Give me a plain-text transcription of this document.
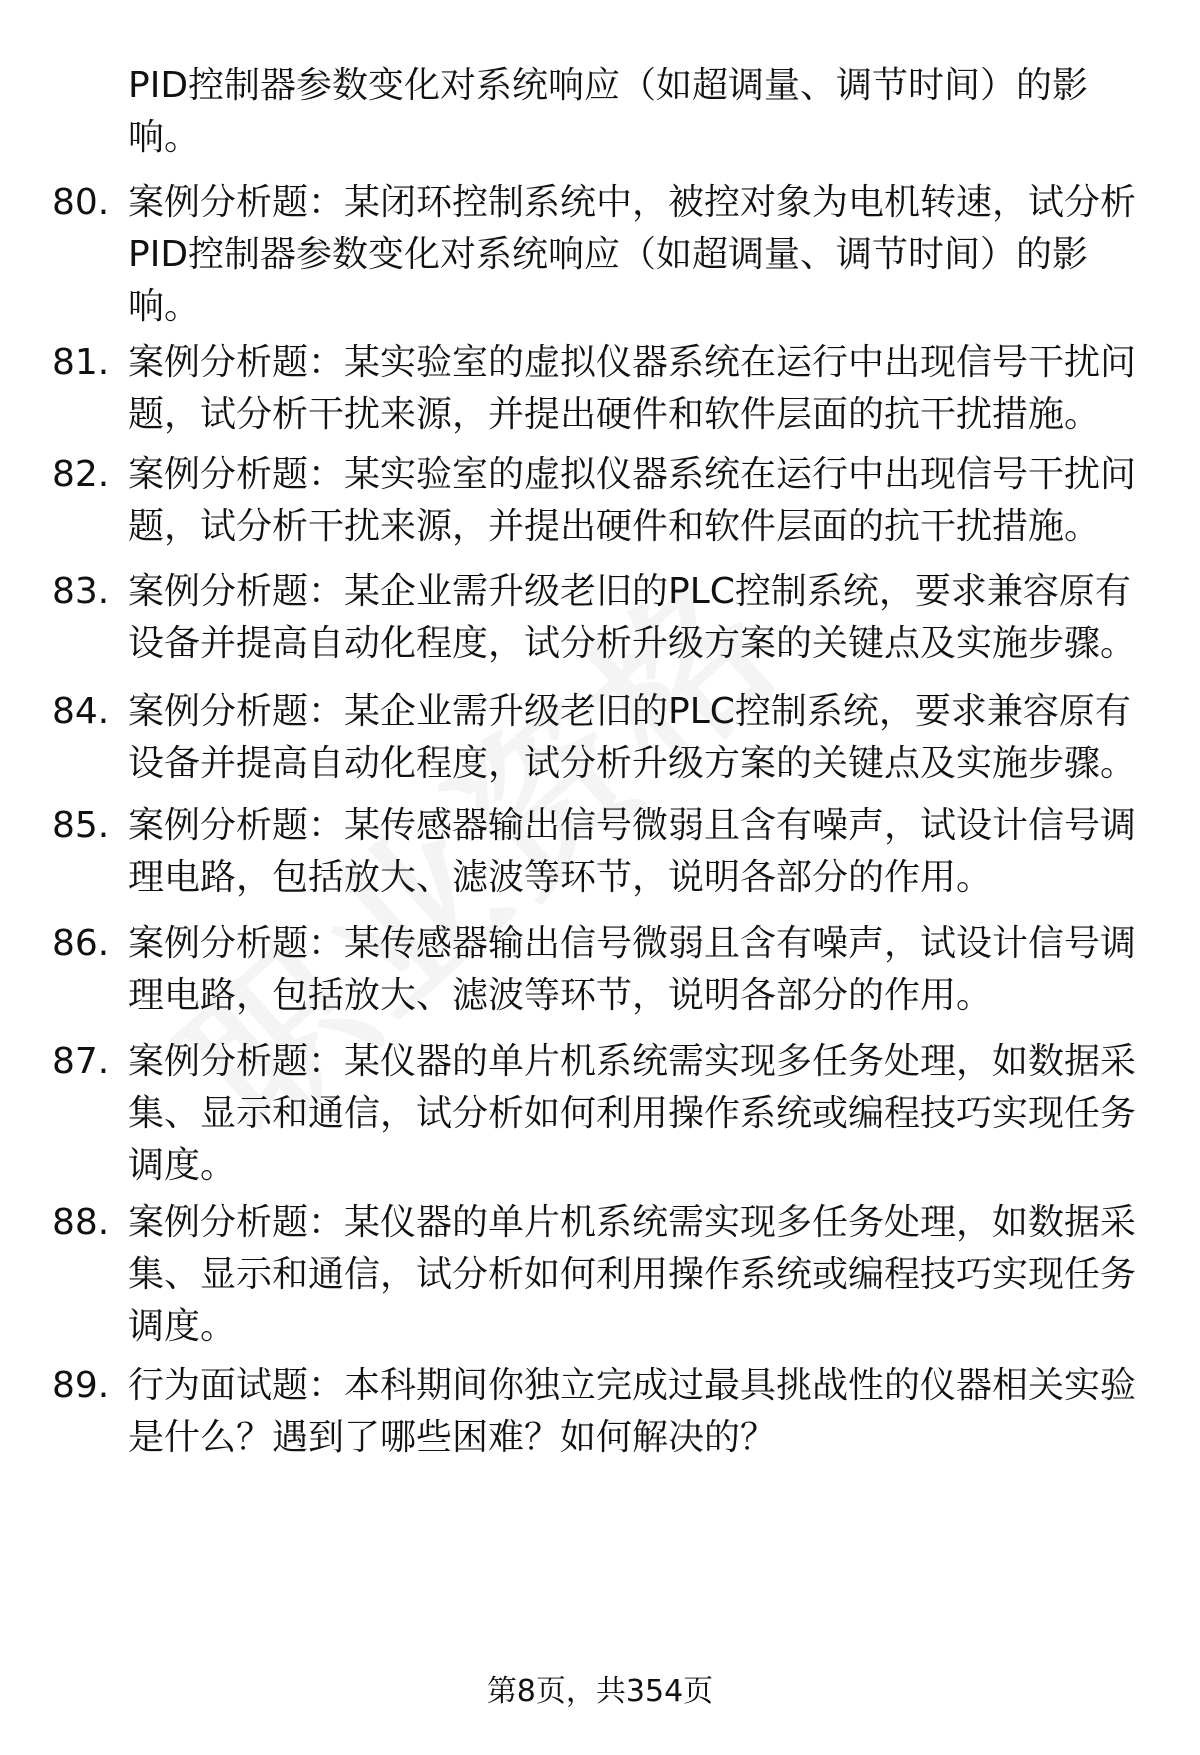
PID控制器参数变化对系统响应（如超调量、调节时间）的影响。

80. 案例分析题：某闭环控制系统中，被控对象为电机转速，试分析PID控制器参数变化对系统响应（如超调量、调节时间）的影响。
81. 案例分析题：某实验室的虚拟仪器系统在运行中出现信号干扰问题，试分析干扰来源，并提出硬件和软件层面的抗干扰措施。
82. 案例分析题：某实验室的虚拟仪器系统在运行中出现信号干扰问题，试分析干扰来源，并提出硬件和软件层面的抗干扰措施。
83. 案例分析题：某企业需升级老旧的PLC控制系统，要求兼容原有设备并提高自动化程度，试分析升级方案的关键点及实施步骤。
84. 案例分析题：某企业需升级老旧的PLC控制系统，要求兼容原有设备并提高自动化程度，试分析升级方案的关键点及实施步骤。
85. 案例分析题：某传感器输出信号微弱且含有噪声，试设计信号调理电路，包括放大、滤波等环节，说明各部分的作用。
86. 案例分析题：某传感器输出信号微弱且含有噪声，试设计信号调理电路，包括放大、滤波等环节，说明各部分的作用。
87. 案例分析题：某仪器的单片机系统需实现多任务处理，如数据采集、显示和通信，试分析如何利用操作系统或编程技巧实现任务调度。
88. 案例分析题：某仪器的单片机系统需实现多任务处理，如数据采集、显示和通信，试分析如何利用操作系统或编程技巧实现任务调度。
89. 行为面试题：本科期间你独立完成过最具挑战性的仪器相关实验是什么？遇到了哪些困难？如何解决的？
第8页，共354页
